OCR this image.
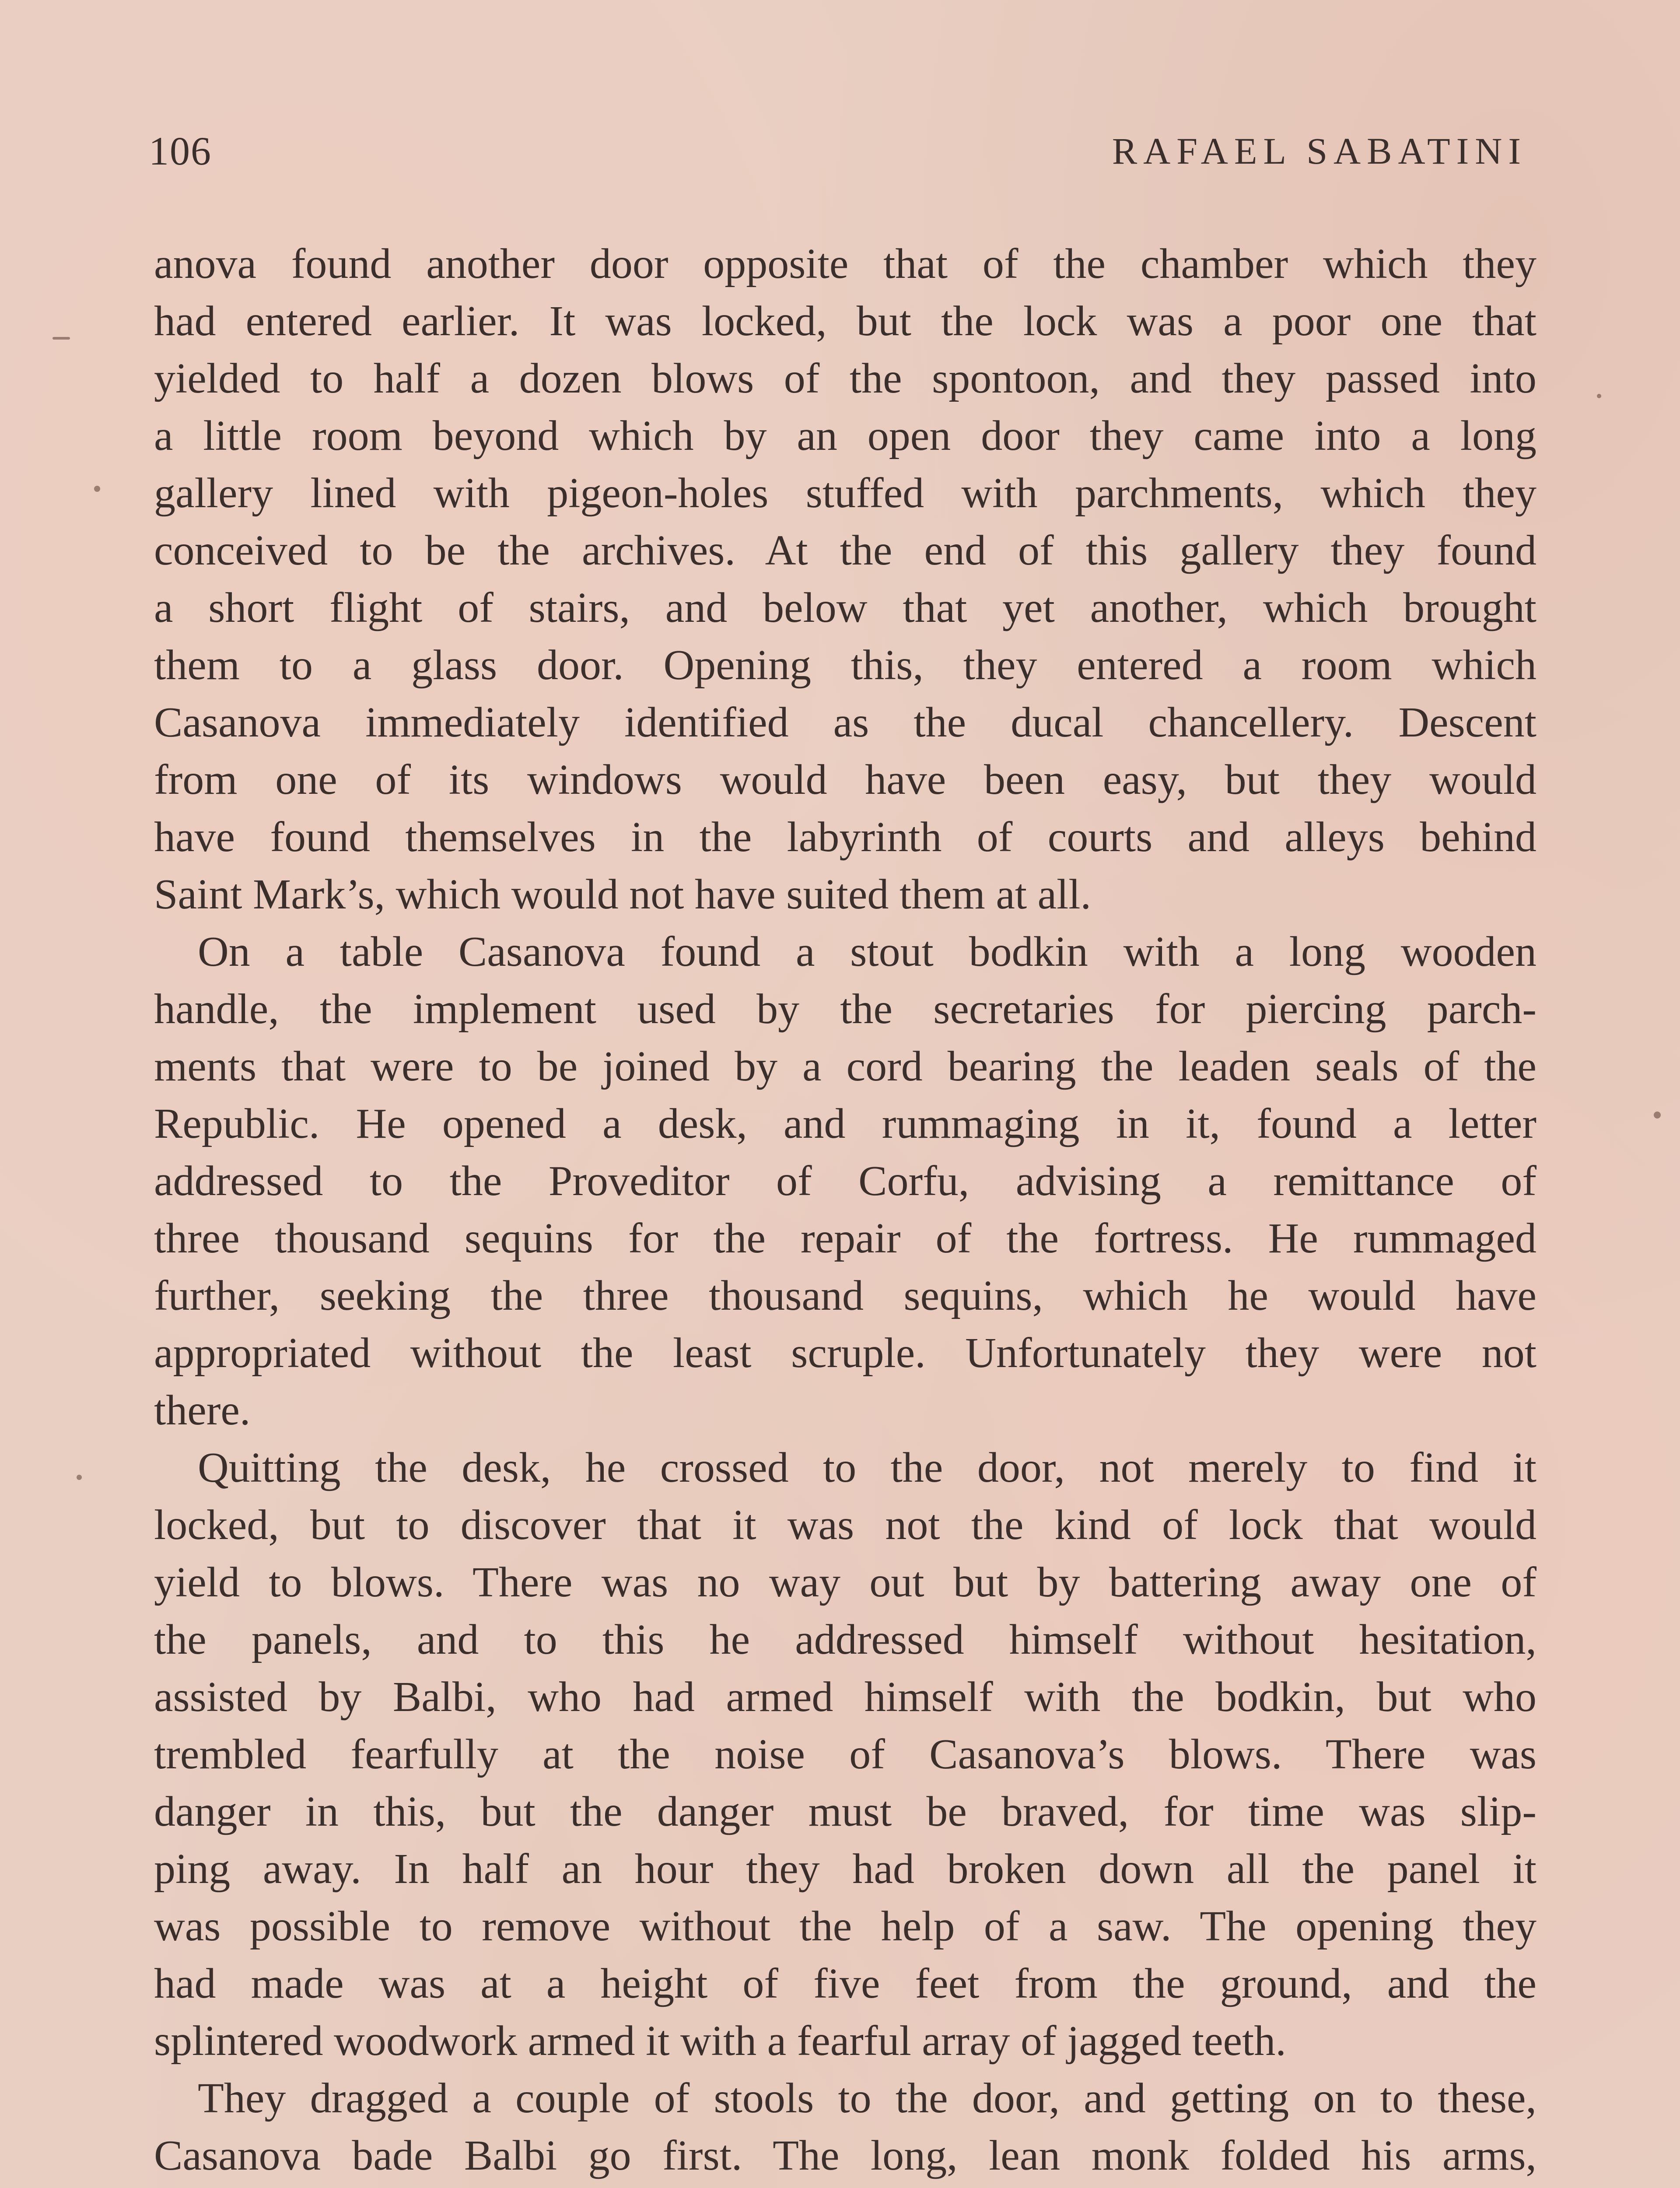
106	RAFAEL SABATINI
anova found another door opposite that of the chamber which they
had entered earlier. It was locked, but the lock was a poor one that
yielded to half a dozen blows of the spontoon, and they passed into
a little room beyond which by an open door they came into a long
gallery lined with pigeon-holes stuffed with parchments, which they
conceived to be the archives. At the end of this gallery they found
a short flight of stairs, and below that yet another, which brought
them to a glass door. Opening this, they entered a room which
Casanova immediately identified as the ducal chancellery. Descent
from one of its windows would have been easy, but they would
have found themselves in the labyrinth of courts and alleys behind
Saint Mark’s, which would not have suited them at all.
On a table Casanova found a stout bodkin with a long wooden
handle, the implement used by the secretaries for piercing parch-
ments that were to be joined by a cord bearing the leaden seals of the
Republic. He opened a desk, and rummaging in it, found a letter
addressed to the Proveditor of Corfu, advising a remittance of
three thousand sequins for the repair of the fortress. He rummaged
further, seeking the three thousand sequins, which he would have
appropriated without the least scruple. Unfortunately they were not
there.
Quitting the desk, he crossed to the door, not merely to find it
locked, but to discover that it was not the kind of lock that would
yield to blows. There was no way out but by battering away one of
the panels, and to this he addressed himself without hesitation,
assisted by Balbi, who had armed himself with the bodkin, but who
trembled fearfully at the noise of Casanova’s blows. There was
danger in this, but the danger must be braved, for time was slip-
ping away. In half an hour they had broken down all the panel it
was possible to remove without the help of a saw. The opening they
had made was at a height of five feet from the ground, and the
splintered woodwork armed it with a fearful array of jagged teeth.
They dragged a couple of stools to the door, and getting on to these,
Casanova bade Balbi go first. The long, lean monk folded his arms,
